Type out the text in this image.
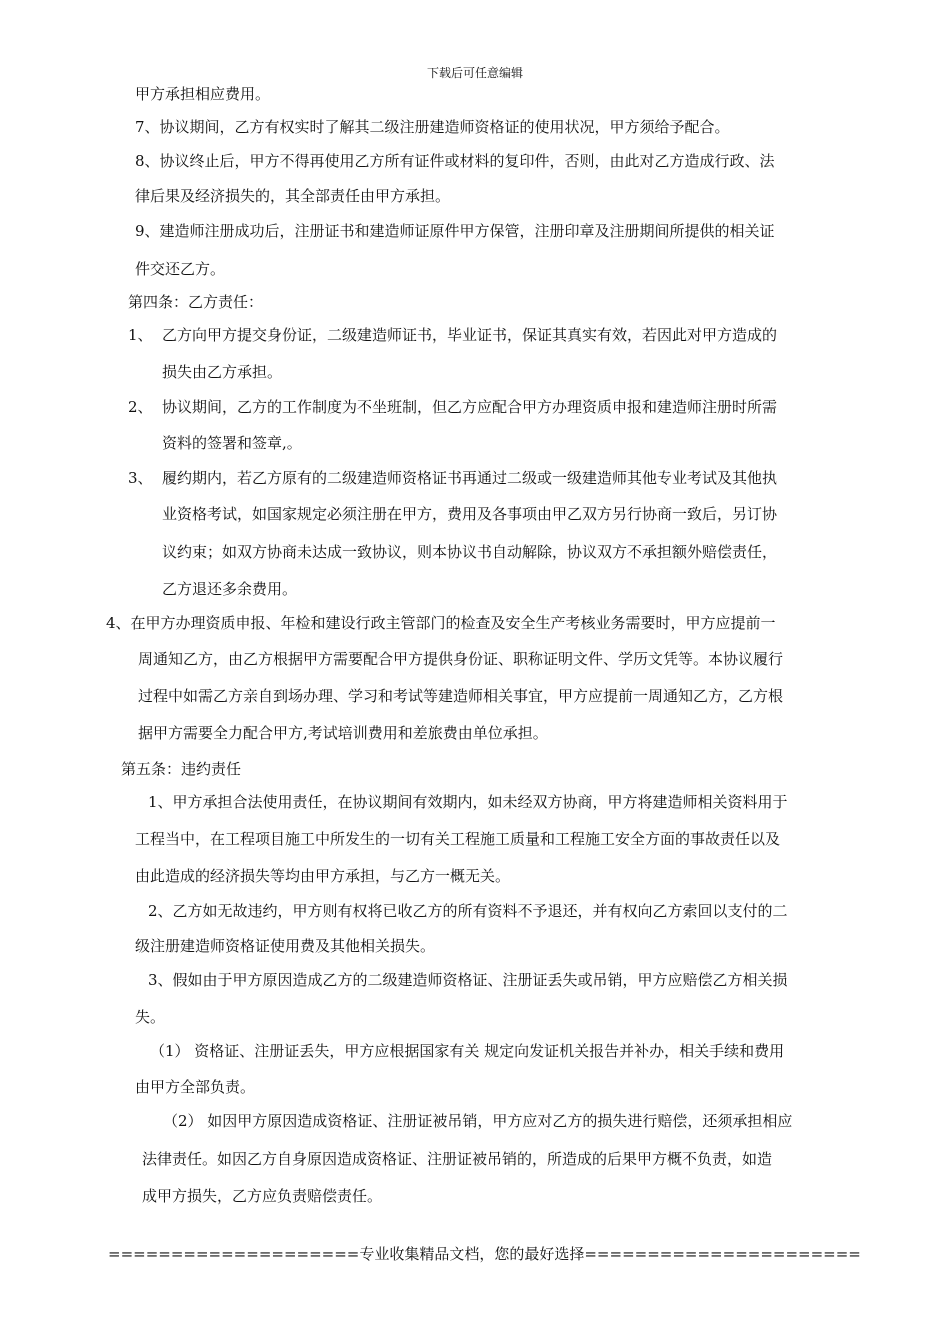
下载后可任意编辑
甲方承担相应费用。
7、协议期间，乙方有权实时了解其二级注册建造师资格证的使用状况，甲方须给予配合。
8、协议终止后，甲方不得再使用乙方所有证件或材料的复印件，否则，由此对乙方造成行政、法
律后果及经济损失的，其全部责任由甲方承担。
9、建造师注册成功后，注册证书和建造师证原件甲方保管，注册印章及注册期间所提供的相关证
件交还乙方。
第四条：乙方责任：
1、 乙方向甲方提交身份证，二级建造师证书，毕业证书，保证其真实有效，若因此对甲方造成的
损失由乙方承担。
2、 协议期间，乙方的工作制度为不坐班制，但乙方应配合甲方办理资质申报和建造师注册时所需
资料的签署和签章,。
3、 履约期内，若乙方原有的二级建造师资格证书再通过二级或一级建造师其他专业考试及其他执
业资格考试，如国家规定必须注册在甲方，费用及各事项由甲乙双方另行协商一致后，另订协
议约束；如双方协商未达成一致协议，则本协议书自动解除，协议双方不承担额外赔偿责任，
乙方退还多余费用。
4、在甲方办理资质申报、年检和建设行政主管部门的检查及安全生产考核业务需要时，甲方应提前一
周通知乙方，由乙方根据甲方需要配合甲方提供身份证、职称证明文件、学历文凭等。本协议履行
过程中如需乙方亲自到场办理、学习和考试等建造师相关事宜，甲方应提前一周通知乙方，乙方根
据甲方需要全力配合甲方,考试培训费用和差旅费由单位承担。
第五条：违约责任
1、甲方承担合法使用责任，在协议期间有效期内，如未经双方协商，甲方将建造师相关资料用于
工程当中，在工程项目施工中所发生的一切有关工程施工质量和工程施工安全方面的事故责任以及
由此造成的经济损失等均由甲方承担，与乙方一概无关。
2、乙方如无故违约，甲方则有权将已收乙方的所有资料不予退还，并有权向乙方索回以支付的二
级注册建造师资格证使用费及其他相关损失。
3、假如由于甲方原因造成乙方的二级建造师资格证、注册证丢失或吊销，甲方应赔偿乙方相关损
失。
（1） 资格证、注册证丢失，甲方应根据国家有关 规定向发证机关报告并补办，相关手续和费用
由甲方全部负责。
（2） 如因甲方原因造成资格证、注册证被吊销，甲方应对乙方的损失进行赔偿，还须承担相应
法律责任。如因乙方自身原因造成资格证、注册证被吊销的，所造成的后果甲方概不负责，如造
成甲方损失，乙方应负责赔偿责任。
====================专业收集精品文档，您的最好选择======================
